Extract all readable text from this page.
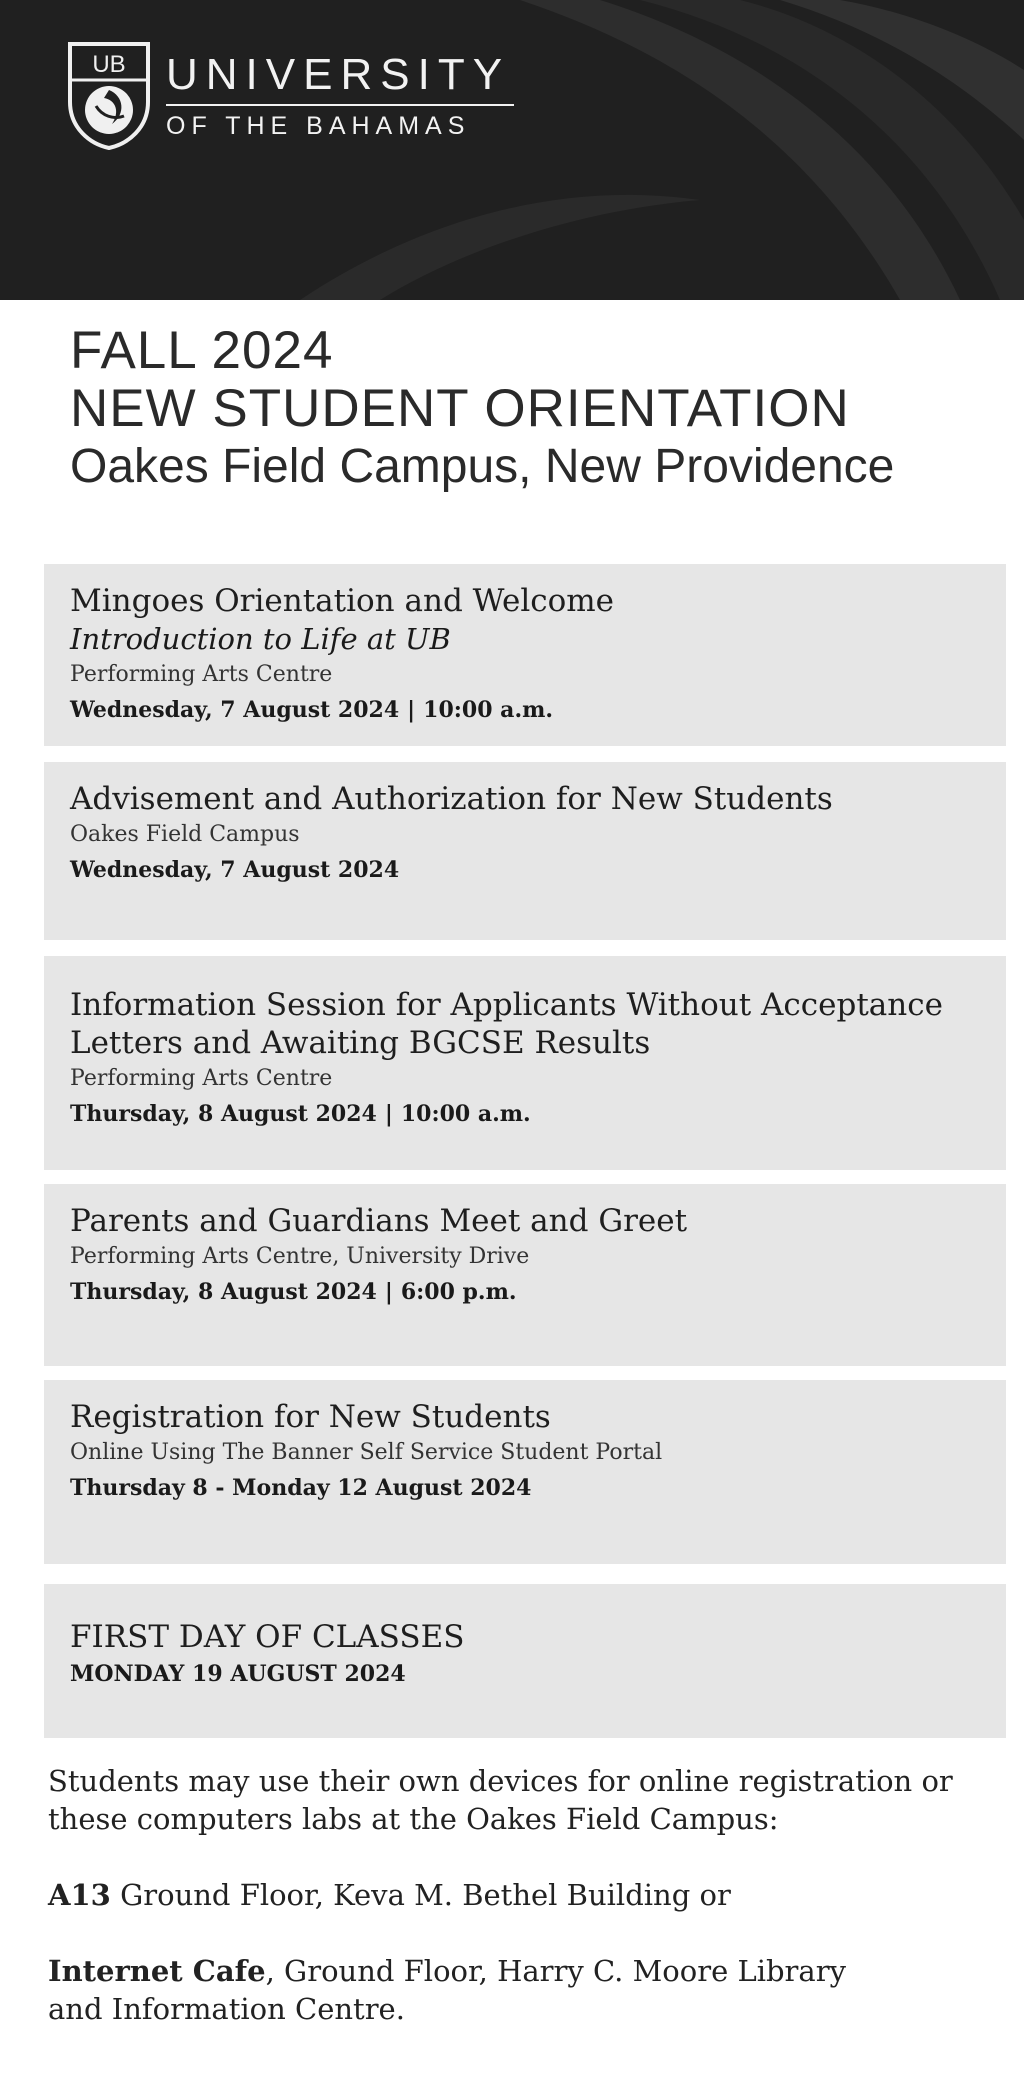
UB UNIVERSITY
OF THE BAHAMAS
FALL 2024
NEW STUDENT ORIENTATION
Oakes Field Campus, New Providence
Mingoes Orientation and Welcome
Introduction to Life at UB
Performing Arts Centre
Wednesday, 7 August 2024 | 10:00 a.m.
Advisement and Authorization for New Students
Oakes Field Campus
Wednesday, 7 August 2024
Information Session for Applicants Without Acceptance
Letters and Awaiting BGCSE Results
Performing Arts Centre
Thursday, 8 August 2024 | 10:00 a.m.
Parents and Guardians Meet and Greet
Performing Arts Centre, University Drive
Thursday, 8 August 2024 | 6:00 p.m.
Registration for New Students
Online Using The Banner Self Service Student Portal
Thursday 8 - Monday 12 August 2024
FIRST DAY OF CLASSES
MONDAY 19 AUGUST 2024

Students may use their own devices for online registration or

these computers labs at the Oakes Field Campus:

A13 Ground Floor, Keva M. Bethel Building or

Internet Cafe, Ground Floor, Harry C. Moore Library

and Information Centre.
